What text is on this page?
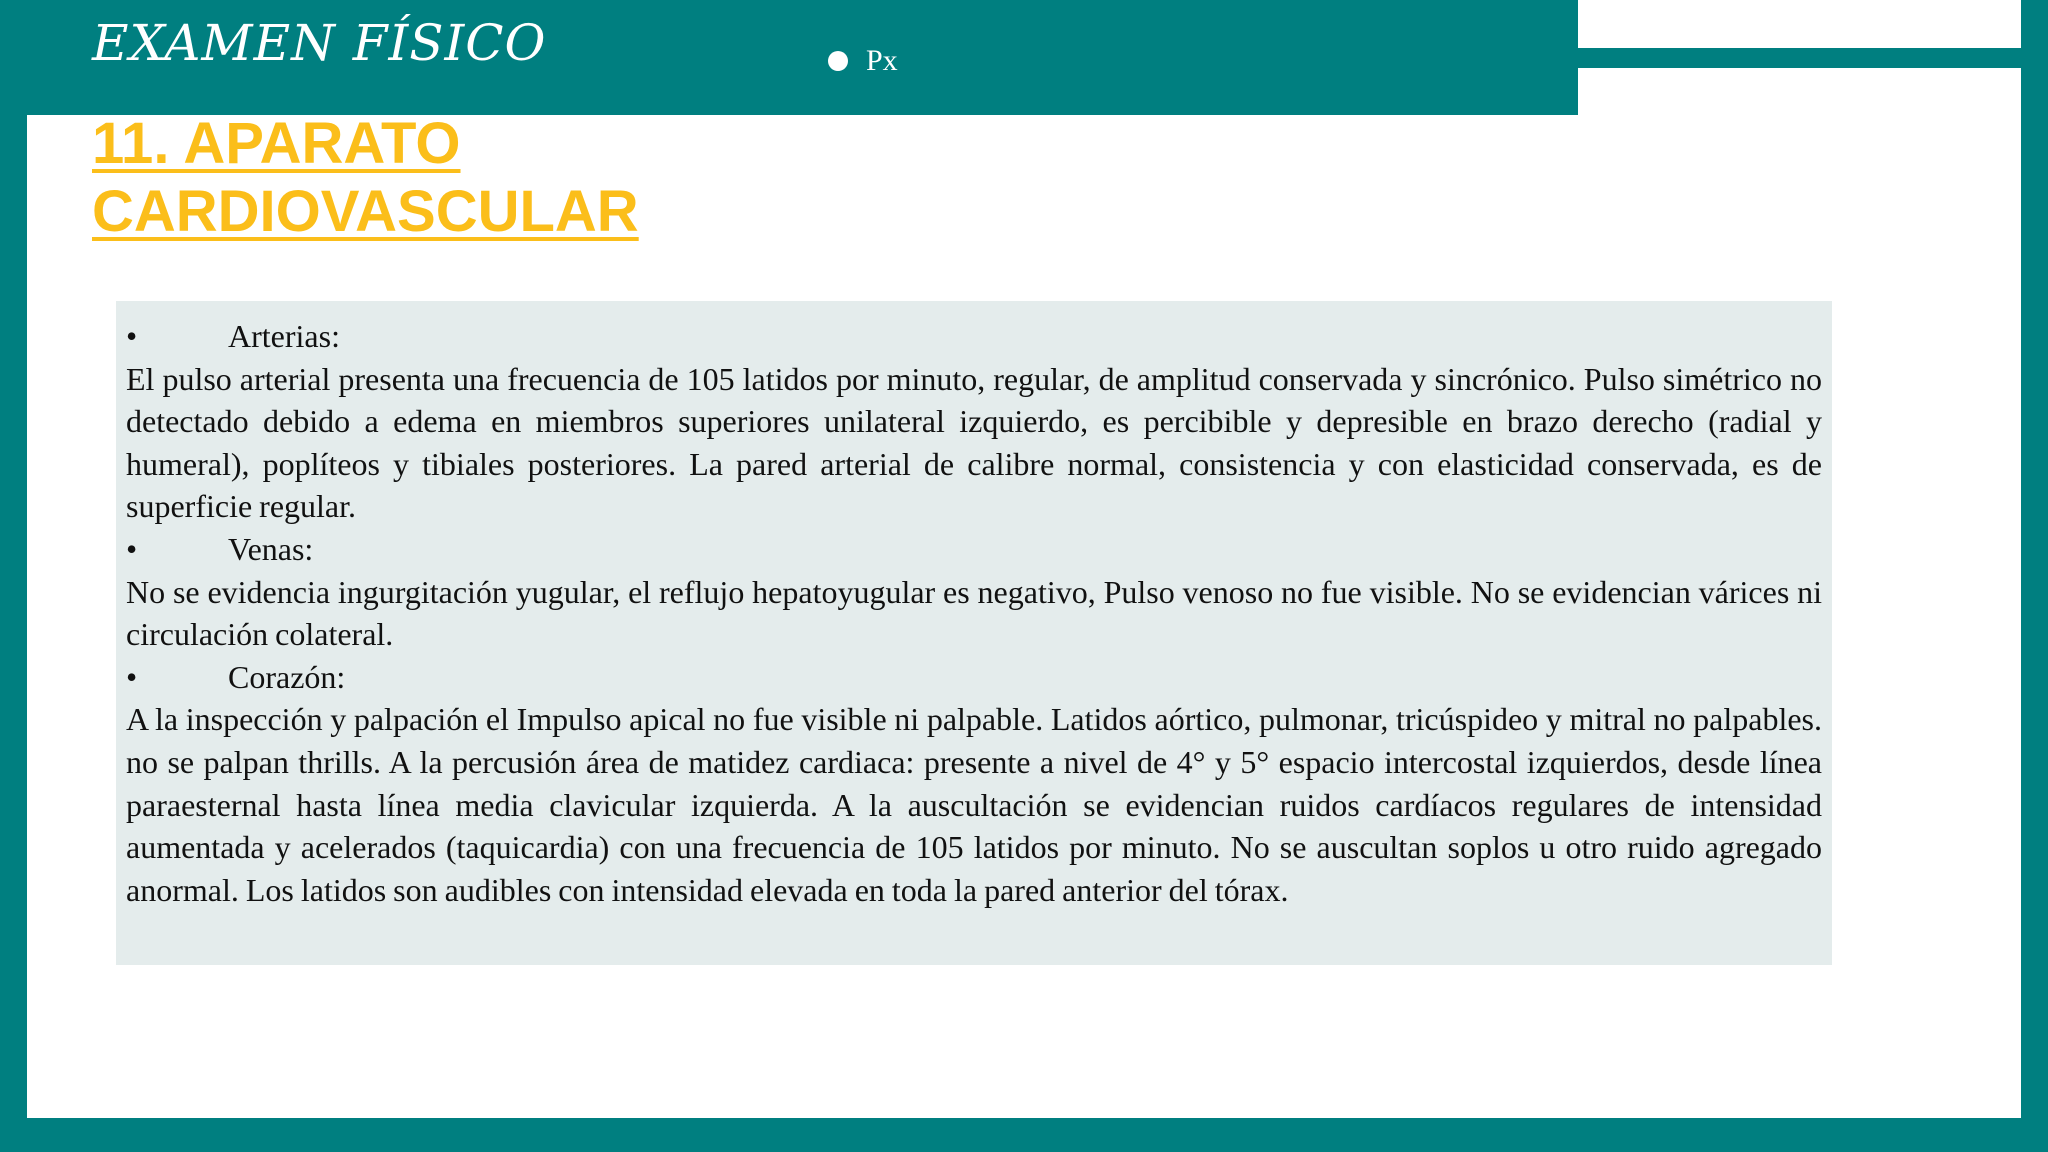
EXAMEN FÍSICO	Px
11. APARATO
CARDIOVASCULAR
•	Arterias:
El pulso arterial presenta una frecuencia de 105 latidos por minuto, regular, de amplitud conservada y sincrónico. Pulso simétrico no detectado debido a edema en miembros superiores unilateral izquierdo, es percibible y depresible en brazo derecho (radial y humeral), poplíteos y tibiales posteriores. La pared arterial de calibre normal, consistencia y con elasticidad conservada, es de superficie regular.
•	Venas:
No se evidencia ingurgitación yugular, el reflujo hepatoyugular es negativo, Pulso venoso no fue visible. No se evidencian várices ni circulación colateral.
•	Corazón:
A la inspección y palpación el Impulso apical no fue visible ni palpable. Latidos aórtico, pulmonar, tricúspideo y mitral no palpables. no se palpan thrills. A la percusión área de matidez cardiaca: presente a nivel de 4° y 5° espacio intercostal izquierdos, desde línea paraesternal hasta línea media clavicular izquierda. A la auscultación se evidencian ruidos cardíacos regulares de intensidad aumentada y acelerados (taquicardia) con una frecuencia de 105 latidos por minuto. No se auscultan soplos u otro ruido agregado anormal. Los latidos son audibles con intensidad elevada en toda la pared anterior del tórax.
